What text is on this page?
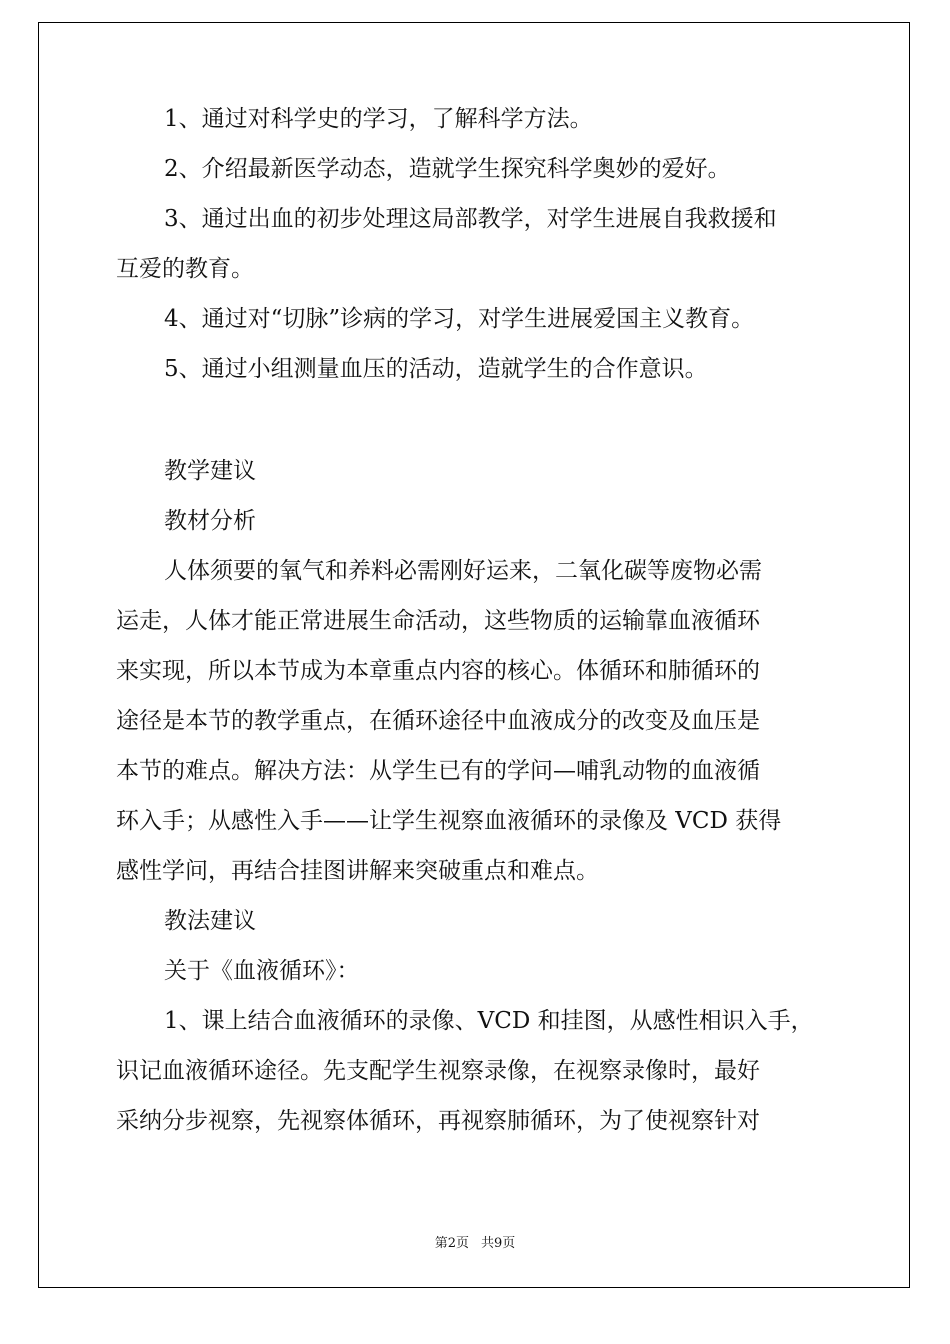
1、通过对科学史的学习，了解科学方法。
2、介绍最新医学动态，造就学生探究科学奥妙的爱好。
3、通过出血的初步处理这局部教学，对学生进展自我救援和
互爱的教育。
4、通过对“切脉”诊病的学习，对学生进展爱国主义教育。
5、通过小组测量血压的活动，造就学生的合作意识。
教学建议
教材分析
人体须要的氧气和养料必需刚好运来，二氧化碳等废物必需
运走，人体才能正常进展生命活动，这些物质的运输靠血液循环
来实现，所以本节成为本章重点内容的核心。体循环和肺循环的
途径是本节的教学重点，在循环途径中血液成分的改变及血压是
本节的难点。解决方法：从学生已有的学问—哺乳动物的血液循
环入手；从感性入手——让学生视察血液循环的录像及 VCD 获得
感性学问，再结合挂图讲解来突破重点和难点。
教法建议
关于《血液循环》：
1、课上结合血液循环的录像、VCD 和挂图，从感性相识入手，
识记血液循环途径。先支配学生视察录像，在视察录像时，最好
采纳分步视察，先视察体循环，再视察肺循环，为了使视察针对
第2页 共9页
